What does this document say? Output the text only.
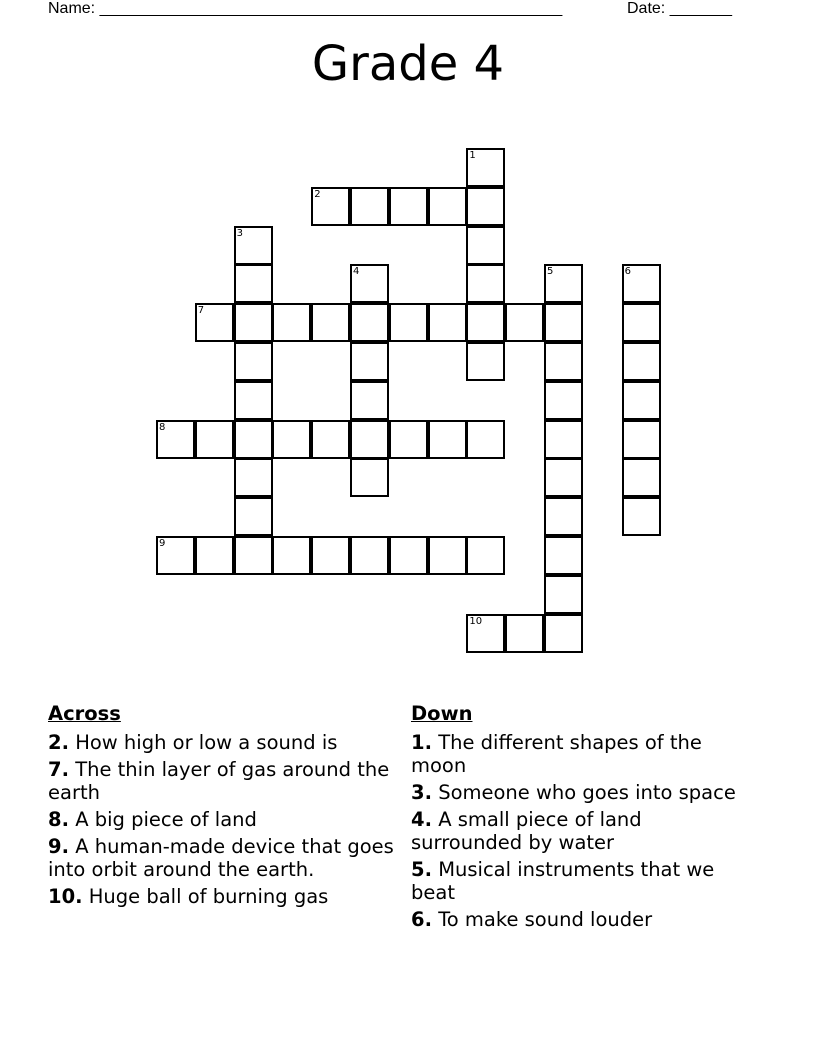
Name: ____________________________________________________	Date: _______
Grade 4
1
2
3
4	5	6
7
8
9
10
Across
2. How high or low a sound is
7. The thin layer of gas around the earth
8. A big piece of land
9. A human-made device that goes into orbit around the earth.
10. Huge ball of burning gas
Down
1. The different shapes of the moon
3. Someone who goes into space
4. A small piece of land surrounded by water
5. Musical instruments that we beat
6. To make sound louder
